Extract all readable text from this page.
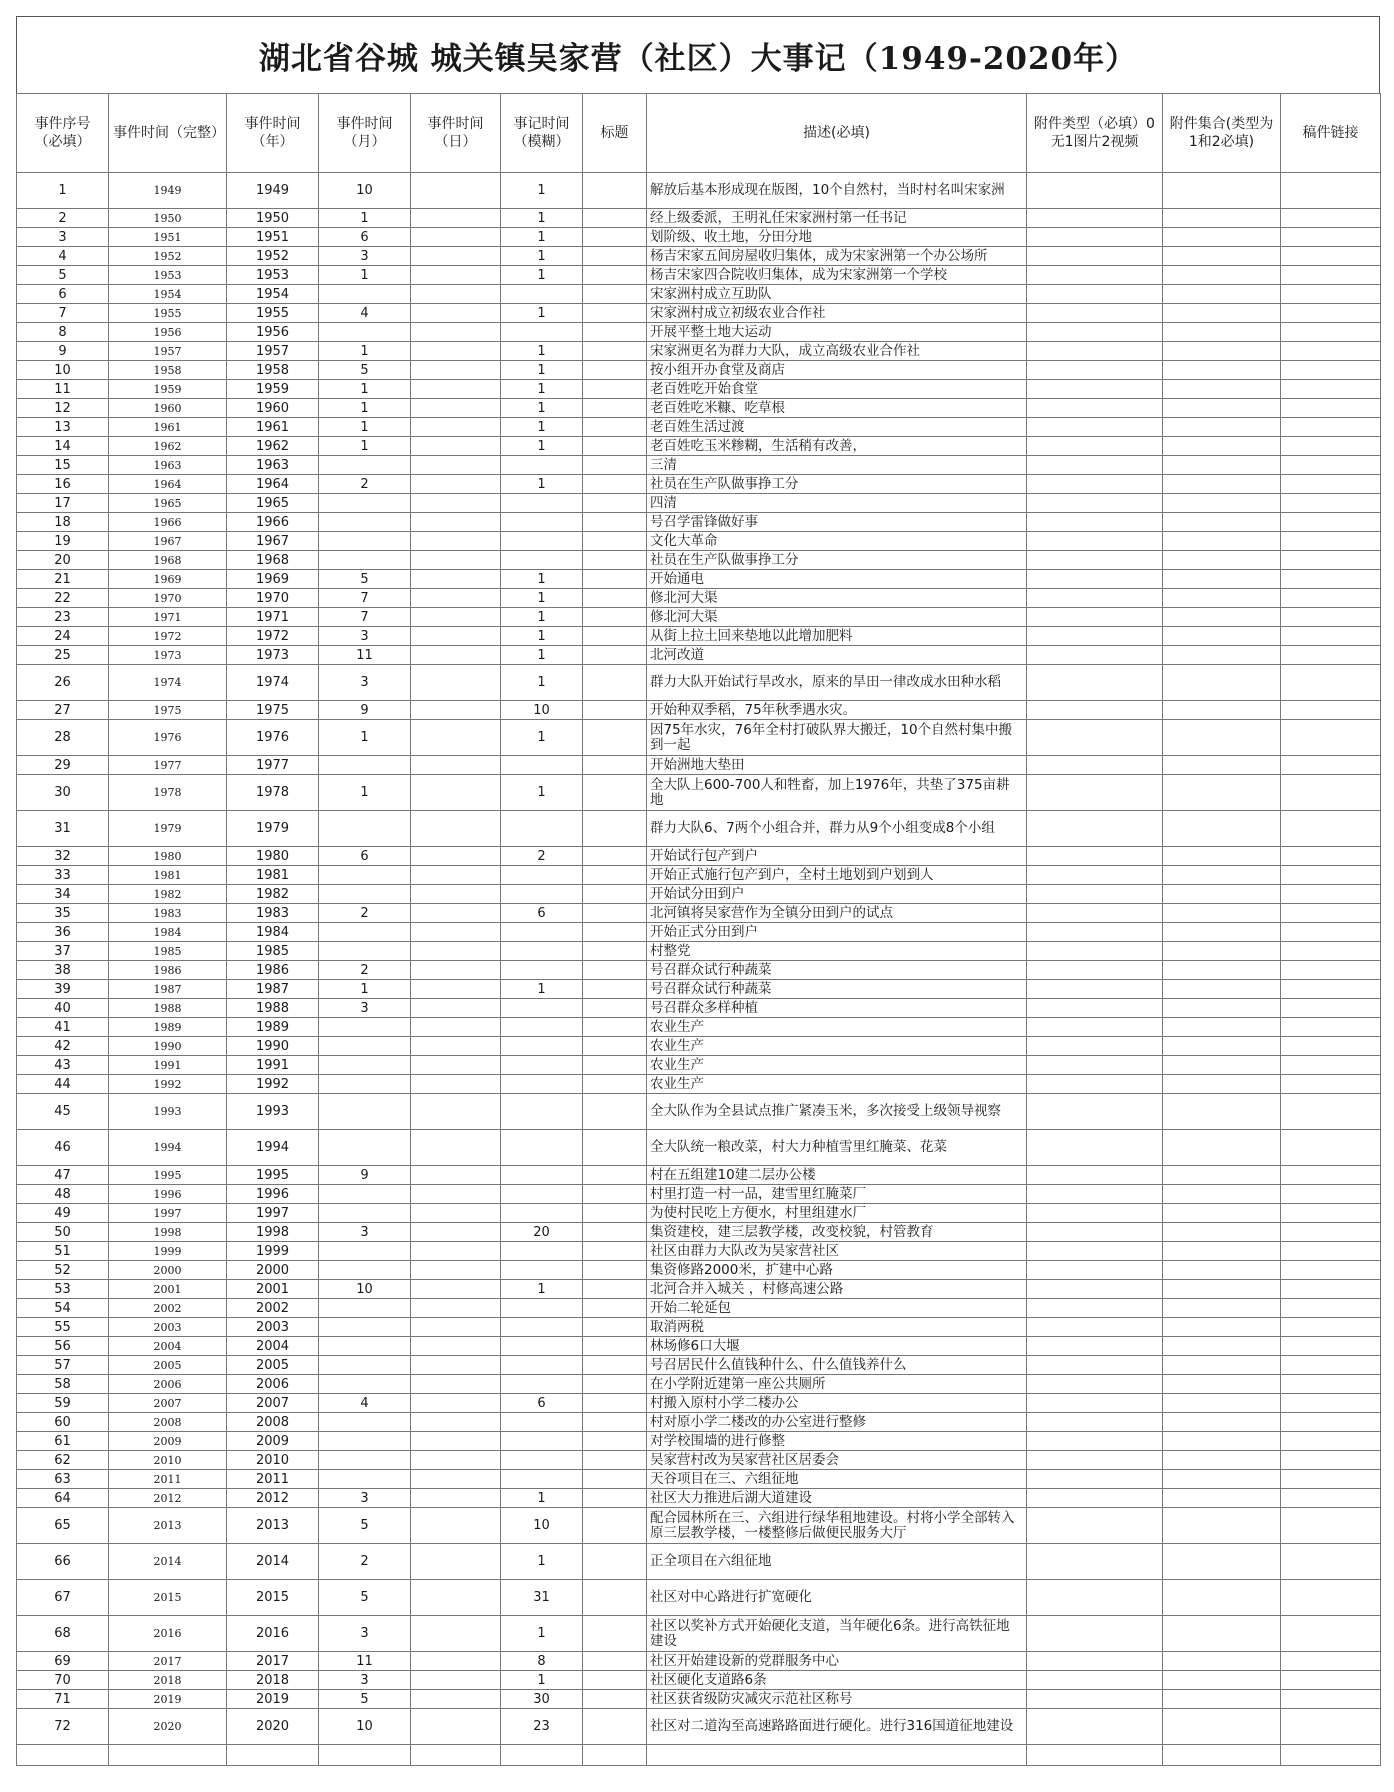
湖北省谷城 城关镇吴家营（社区）大事记（1949-2020年）
事件序号（必填）	事件时间（完整）	事件时间（年）	事件时间（月）	事件时间（日）	事记时间（模糊）	标题	描述(必填)	附件类型（必填）0无1图片2视频	附件集合(类型为1和2必填)	稿件链接
1	1949	1949	10		1		解放后基本形成现在版图，10个自然村，当时村名叫宋家洲			
2	1950	1950	1		1		经上级委派，王明礼任宋家洲村第一任书记			
3	1951	1951	6		1		划阶级、收土地，分田分地			
4	1952	1952	3		1		杨吉宋家五间房屋收归集体，成为宋家洲第一个办公场所			
5	1953	1953	1		1		杨吉宋家四合院收归集体，成为宋家洲第一个学校			
6	1954	1954					宋家洲村成立互助队			
7	1955	1955	4		1		宋家洲村成立初级农业合作社			
8	1956	1956					开展平整土地大运动			
9	1957	1957	1		1		宋家洲更名为群力大队，成立高级农业合作社			
10	1958	1958	5		1		按小组开办食堂及商店			
11	1959	1959	1		1		老百姓吃开始食堂			
12	1960	1960	1		1		老百姓吃米糠、吃草根			
13	1961	1961	1		1		老百姓生活过渡			
14	1962	1962	1		1		老百姓吃玉米糁糊，生活稍有改善，			
15	1963	1963					三清			
16	1964	1964	2		1		社员在生产队做事挣工分			
17	1965	1965					四清			
18	1966	1966					号召学雷锋做好事			
19	1967	1967					文化大革命			
20	1968	1968					社员在生产队做事挣工分			
21	1969	1969	5		1		开始通电			
22	1970	1970	7		1		修北河大渠			
23	1971	1971	7		1		修北河大渠			
24	1972	1972	3		1		从街上拉土回来垫地以此增加肥料			
25	1973	1973	11		1		北河改道			
26	1974	1974	3		1		群力大队开始试行旱改水，原来的旱田一律改成水田种水稻			
27	1975	1975	9		10		开始种双季稻，75年秋季遇水灾。			
28	1976	1976	1		1		因75年水灾，76年全村打破队界大搬迁，10个自然村集中搬到一起			
29	1977	1977					开始洲地大垫田			
30	1978	1978	1		1		全大队上600-700人和牲畜，加上1976年，共垫了375亩耕地			
31	1979	1979					群力大队6、7两个小组合并，群力从9个小组变成8个小组			
32	1980	1980	6		2		开始试行包产到户			
33	1981	1981					开始正式施行包产到户，全村土地划到户划到人			
34	1982	1982					开始试分田到户			
35	1983	1983	2		6		北河镇将吴家营作为全镇分田到户的试点			
36	1984	1984					开始正式分田到户			
37	1985	1985					村整党			
38	1986	1986	2				号召群众试行种蔬菜			
39	1987	1987	1		1		号召群众试行种蔬菜			
40	1988	1988	3				号召群众多样种植			
41	1989	1989					农业生产			
42	1990	1990					农业生产			
43	1991	1991					农业生产			
44	1992	1992					农业生产			
45	1993	1993					全大队作为全县试点推广紧凑玉米，多次接受上级领导视察			
46	1994	1994					全大队统一粮改菜，村大力种植雪里红腌菜、花菜			
47	1995	1995	9				村在五组建10建二层办公楼			
48	1996	1996					村里打造一村一品，建雪里红腌菜厂			
49	1997	1997					为使村民吃上方便水，村里组建水厂			
50	1998	1998	3		20		集资建校，建三层教学楼，改变校貌，村管教育			
51	1999	1999					社区由群力大队改为吴家营社区			
52	2000	2000					集资修路2000米，扩建中心路			
53	2001	2001	10		1		北河合并入城关 ，村修高速公路			
54	2002	2002					开始二轮延包			
55	2003	2003					取消两税			
56	2004	2004					林场修6口大堰			
57	2005	2005					号召居民什么值钱种什么、什么值钱养什么			
58	2006	2006					在小学附近建第一座公共厕所			
59	2007	2007	4		6		村搬入原村小学二楼办公			
60	2008	2008					村对原小学二楼改的办公室进行整修			
61	2009	2009					对学校围墙的进行修整			
62	2010	2010					吴家营村改为吴家营社区居委会			
63	2011	2011					天谷项目在三、六组征地			
64	2012	2012	3		1		社区大力推进后湖大道建设			
65	2013	2013	5		10		配合园林所在三、六组进行绿华租地建设。村将小学全部转入原三层教学楼，一楼整修后做便民服务大厅			
66	2014	2014	2		1		正全项目在六组征地			
67	2015	2015	5		31		社区对中心路进行扩宽硬化			
68	2016	2016	3		1		社区以奖补方式开始硬化支道，当年硬化6条。进行高铁征地建设			
69	2017	2017	11		8		社区开始建设新的党群服务中心			
70	2018	2018	3		1		社区硬化支道路6条			
71	2019	2019	5		30		社区获省级防灾减灾示范社区称号			
72	2020	2020	10		23		社区对二道沟至高速路路面进行硬化。进行316国道征地建设			
